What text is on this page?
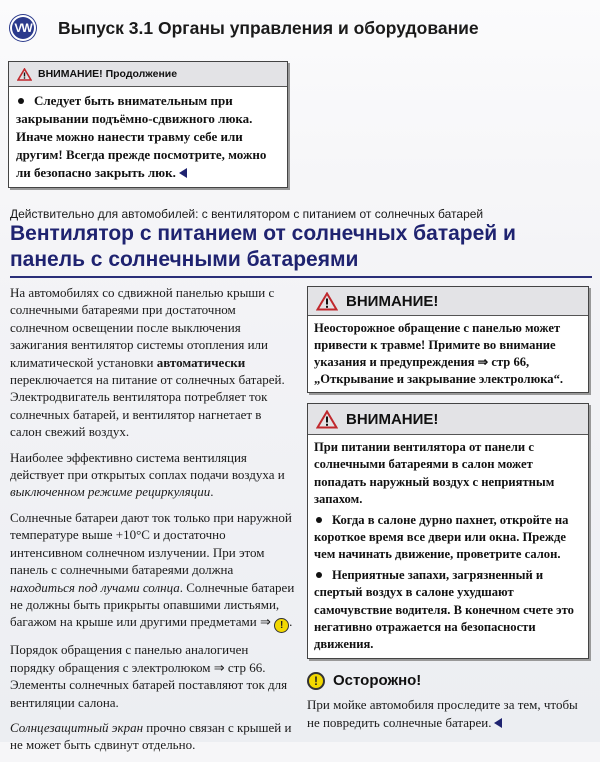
VW Выпуск 3.1 Органы управления и оборудование
ВНИМАНИЕ! Продолжение

Следует быть внимательным при закрывании подъёмно-сдвижного люка. Иначе можно нанести травму себе или другим! Всегда прежде посмотрите, можно ли безопасно закрыть люк.

Действительно для автомобилей: с вентилятором с питанием от солнечных батарей
Вентилятор с питанием от солнечных батарей и панель с солнечными батареями

На автомобилях со сдвижной панелью крыши с солнечными батареями при достаточном солнечном освещении после выключения зажигания вентилятор системы отопления или климатической установки автоматически переключается на питание от солнечных батарей. Электродвигатель вентилятора потребляет ток солнечных батарей, и вентилятор нагнетает в салон свежий воздух.

Наиболее эффективно система вентиляция действует при открытых соплах подачи воздуха и выключенном режиме рециркуляции.

Солнечные батареи дают ток только при наружной температуре выше +10°C и достаточно интенсивном солнечном излучении. При этом панель с солнечными батареями должна находиться под лучами солнца. Солнечные батареи не должны быть прикрыты опавшими листьями, багажом на крыше или другими предметами ⇒ ! .

Порядок обращения с панелью аналогичен порядку обращения с электролюком ⇒ стр 66. Элементы солнечных батарей поставляют ток для вентиляции салона.

Солнцезащитный экран прочно связан с крышей и не может быть сдвинут отдельно.

ВНИМАНИЕ!

Неосторожное обращение с панелью может привести к травме! Примите во внимание указания и предупреждения ⇒ стр 66, „Открывание и закрывание электролюка“.

ВНИМАНИЕ!

При питании вентилятора от панели с солнечными батареями в салон может попадать наружный воздух с неприятным запахом.

Когда в салоне дурно пахнет, откройте на короткое время все двери или окна. Прежде чем начинать движение, проветрите салон.

Неприятные запахи, загрязненный и спертый воздух в салоне ухудшают самочувствие водителя. В конечном счете это негативно отражается на безопасности движения.

!	Осторожно!
При мойке автомобиля проследите за тем, чтобы не повредить солнечные батареи.
